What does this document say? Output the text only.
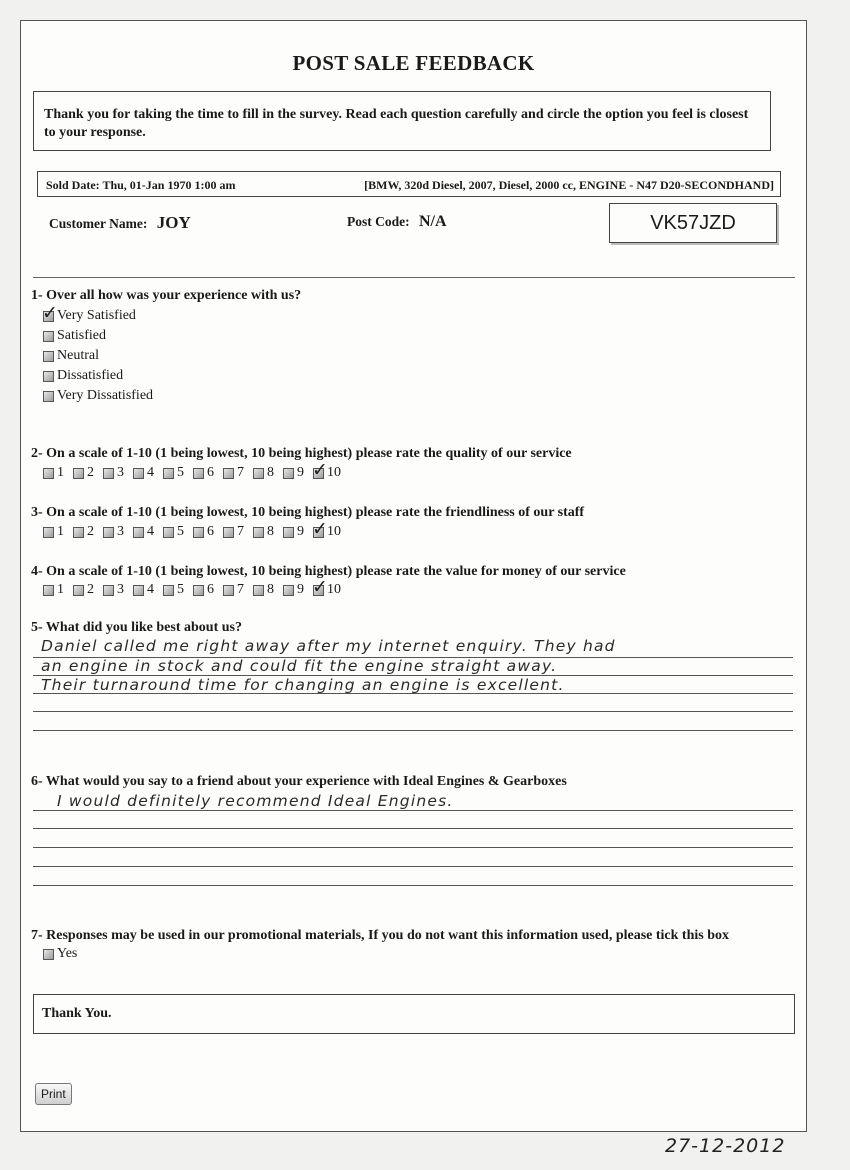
POST SALE FEEDBACK
Thank you for taking the time to fill in the survey. Read each question carefully and circle the option you feel is closest to your response.
Sold Date: Thu, 01-Jan 1970 1:00 am	[BMW, 320d Diesel, 2007, Diesel, 2000 cc, ENGINE - N47 D20-SECONDHAND]
Customer Name: JOY	Post Code: N/A	VK57JZD
1- Over all how was your experience with us?
✓
Very Satisfied
Satisfied
Neutral
Dissatisfied
Very Dissatisfied
2- On a scale of 1-10 (1 being lowest, 10 being highest) please rate the quality of our service
1 2 3 4 5 6 7 8 9 ✓ 10
3- On a scale of 1-10 (1 being lowest, 10 being highest) please rate the friendliness of our staff
1 2 3 4 5 6 7 8 9 ✓ 10
4- On a scale of 1-10 (1 being lowest, 10 being highest) please rate the value for money of our service
1 2 3 4 5 6 7 8 9 ✓ 10
5- What did you like best about us?
Daniel called me right away after my internet enquiry. They had
an engine in stock and could fit the engine straight away.
Their turnaround time for changing an engine is excellent.
6- What would you say to a friend about your experience with Ideal Engines & Gearboxes
I would definitely recommend Ideal Engines.
7- Responses may be used in our promotional materials, If you do not want this information used, please tick this box
Yes
Thank You.
Print
27-12-2012
